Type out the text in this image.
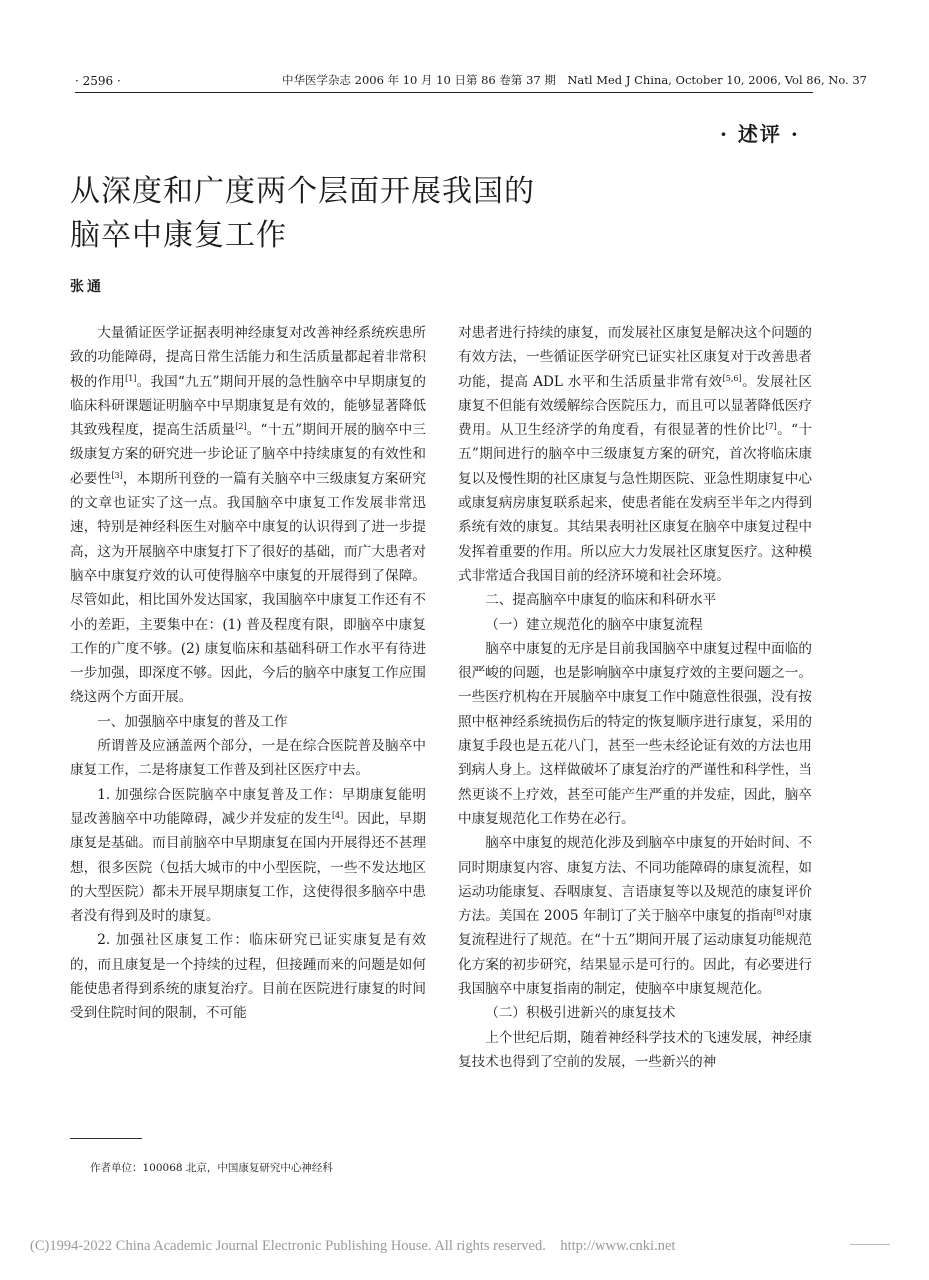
· 2596 ·	中华医学杂志 2006 年 10 月 10 日第 86 卷第 37 期　Natl Med J China, October 10, 2006, Vol 86, No. 37
· 述评 ·
从深度和广度两个层面开展我国的
脑卒中康复工作
张通

大量循证医学证据表明神经康复对改善神经系统疾患所致的功能障碍，提高日常生活能力和生活质量都起着非常积极的作用[1]。我国“九五”期间开展的急性脑卒中早期康复的临床科研课题证明脑卒中早期康复是有效的，能够显著降低其致残程度，提高生活质量[2]。“十五”期间开展的脑卒中三级康复方案的研究进一步论证了脑卒中持续康复的有效性和必要性[3]，本期所刊登的一篇有关脑卒中三级康复方案研究的文章也证实了这一点。我国脑卒中康复工作发展非常迅速，特别是神经科医生对脑卒中康复的认识得到了进一步提高，这为开展脑卒中康复打下了很好的基础，而广大患者对脑卒中康复疗效的认可使得脑卒中康复的开展得到了保障。尽管如此，相比国外发达国家，我国脑卒中康复工作还有不小的差距，主要集中在：(1) 普及程度有限，即脑卒中康复工作的广度不够。(2) 康复临床和基础科研工作水平有待进一步加强，即深度不够。因此，今后的脑卒中康复工作应围绕这两个方面开展。

一、加强脑卒中康复的普及工作

所谓普及应涵盖两个部分，一是在综合医院普及脑卒中康复工作，二是将康复工作普及到社区医疗中去。

1. 加强综合医院脑卒中康复普及工作：早期康复能明显改善脑卒中功能障碍，减少并发症的发生[4]。因此，早期康复是基础。而目前脑卒中早期康复在国内开展得还不甚理想，很多医院（包括大城市的中小型医院，一些不发达地区的大型医院）都未开展早期康复工作，这使得很多脑卒中患者没有得到及时的康复。

2. 加强社区康复工作：临床研究已证实康复是有效的，而且康复是一个持续的过程，但接踵而来的问题是如何能使患者得到系统的康复治疗。目前在医院进行康复的时间受到住院时间的限制，不可能

对患者进行持续的康复，而发展社区康复是解决这个问题的有效方法，一些循证医学研究已证实社区康复对于改善患者功能，提高 ADL 水平和生活质量非常有效[5,6]。发展社区康复不但能有效缓解综合医院压力，而且可以显著降低医疗费用。从卫生经济学的角度看，有很显著的性价比[7]。“十五”期间进行的脑卒中三级康复方案的研究，首次将临床康复以及慢性期的社区康复与急性期医院、亚急性期康复中心或康复病房康复联系起来，使患者能在发病至半年之内得到系统有效的康复。其结果表明社区康复在脑卒中康复过程中发挥着重要的作用。所以应大力发展社区康复医疗。这种模式非常适合我国目前的经济环境和社会环境。

二、提高脑卒中康复的临床和科研水平

（一）建立规范化的脑卒中康复流程

脑卒中康复的无序是目前我国脑卒中康复过程中面临的很严峻的问题，也是影响脑卒中康复疗效的主要问题之一。一些医疗机构在开展脑卒中康复工作中随意性很强，没有按照中枢神经系统损伤后的特定的恢复顺序进行康复，采用的康复手段也是五花八门，甚至一些未经论证有效的方法也用到病人身上。这样做破坏了康复治疗的严谨性和科学性，当然更谈不上疗效，甚至可能产生严重的并发症，因此，脑卒中康复规范化工作势在必行。

脑卒中康复的规范化涉及到脑卒中康复的开始时间、不同时期康复内容、康复方法、不同功能障碍的康复流程，如运动功能康复、吞咽康复、言语康复等以及规范的康复评价方法。美国在 2005 年制订了关于脑卒中康复的指南[8]对康复流程进行了规范。在“十五”期间开展了运动康复功能规范化方案的初步研究，结果显示是可行的。因此，有必要进行我国脑卒中康复指南的制定，使脑卒中康复规范化。

（二）积极引进新兴的康复技术

上个世纪后期，随着神经科学技术的飞速发展，神经康复技术也得到了空前的发展，一些新兴的神

作者单位：100068 北京，中国康复研究中心神经科
(C)1994-2022 China Academic Journal Electronic Publishing House. All rights reserved.　http://www.cnki.net
